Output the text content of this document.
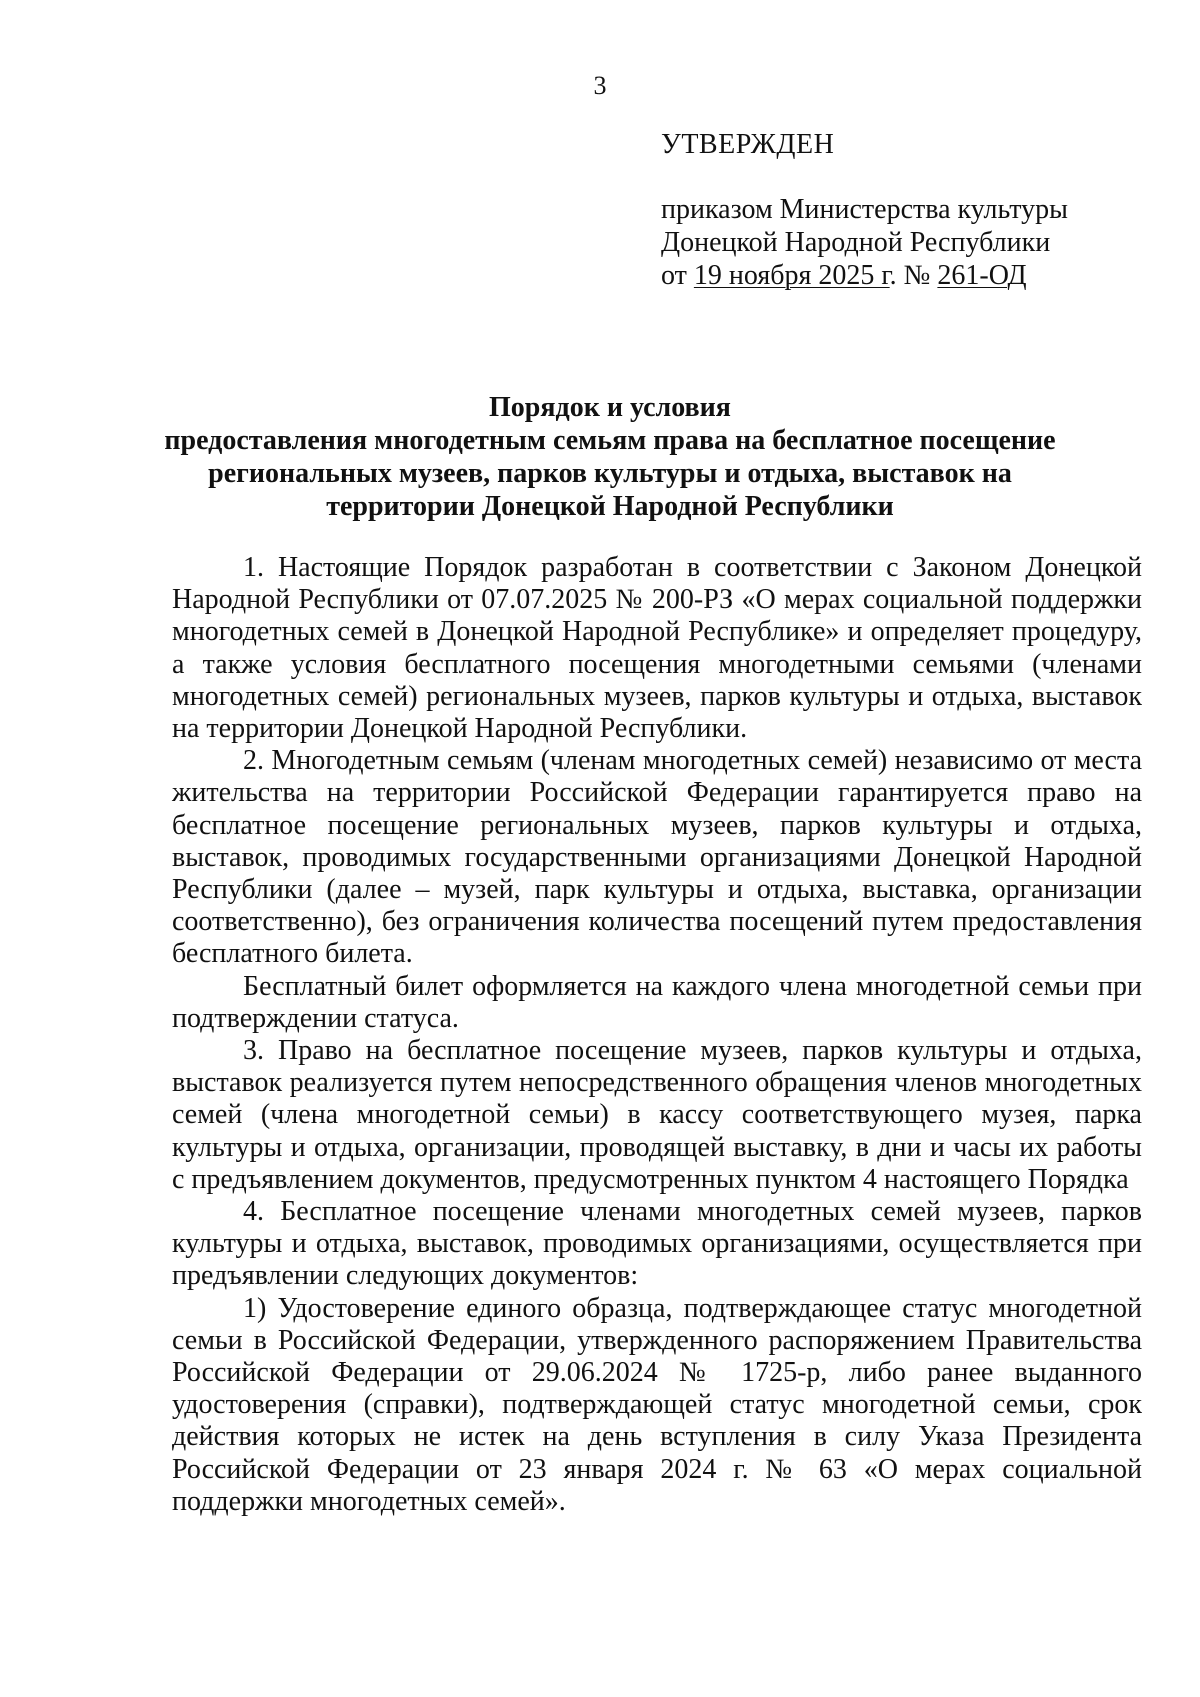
3
УТВЕРЖДЕН
приказом Министерства культуры
Донецкой Народной Республики
от 19 ноября 2025 г. № 261-ОД
Порядок и условия
предоставления многодетным семьям права на бесплатное посещение
региональных музеев, парков культуры и отдыха, выставок на
территории Донецкой Народной Республики

1. Настоящие Порядок разработан в соответствии с Законом Донецкой Народной Республики от 07.07.2025 № 200-РЗ «О мерах социальной поддержки многодетных семей в Донецкой Народной Республике» и определяет процедуру, а также условия бесплатного посещения многодетными семьями (членами многодетных семей) региональных музеев, парков культуры и отдыха, выставок на территории Донецкой Народной Республики.

2. Многодетным семьям (членам многодетных семей) независимо от места жительства на территории Российской Федерации гарантируется право на бесплатное посещение региональных музеев, парков культуры и отдыха, выставок, проводимых государственными организациями Донецкой Народной Республики (далее – музей, парк культуры и отдыха, выставка, организации соответственно), без ограничения количества посещений путем предоставления бесплатного билета.

Бесплатный билет оформляется на каждого члена многодетной семьи при подтверждении статуса.

3. Право на бесплатное посещение музеев, парков культуры и отдыха, выставок реализуется путем непосредственного обращения членов многодетных семей (члена многодетной семьи) в кассу соответствующего музея, парка культуры и отдыха, организации, проводящей выставку, в дни и часы их работы с предъявлением документов, предусмотренных пунктом 4 настоящего Порядка

4. Бесплатное посещение членами многодетных семей музеев, парков культуры и отдыха, выставок, проводимых организациями, осуществляется при предъявлении следующих документов:

1) Удостоверение единого образца, подтверждающее статус многодетной семьи в Российской Федерации, утвержденного распоряжением Правительства Российской Федерации от 29.06.2024 № 1725-р, либо ранее выданного удостоверения (справки), подтверждающей статус многодетной семьи, срок действия которых не истек на день вступления в силу Указа Президента Российской Федерации от 23 января 2024 г. № 63 «О мерах социальной поддержки многодетных семей».
